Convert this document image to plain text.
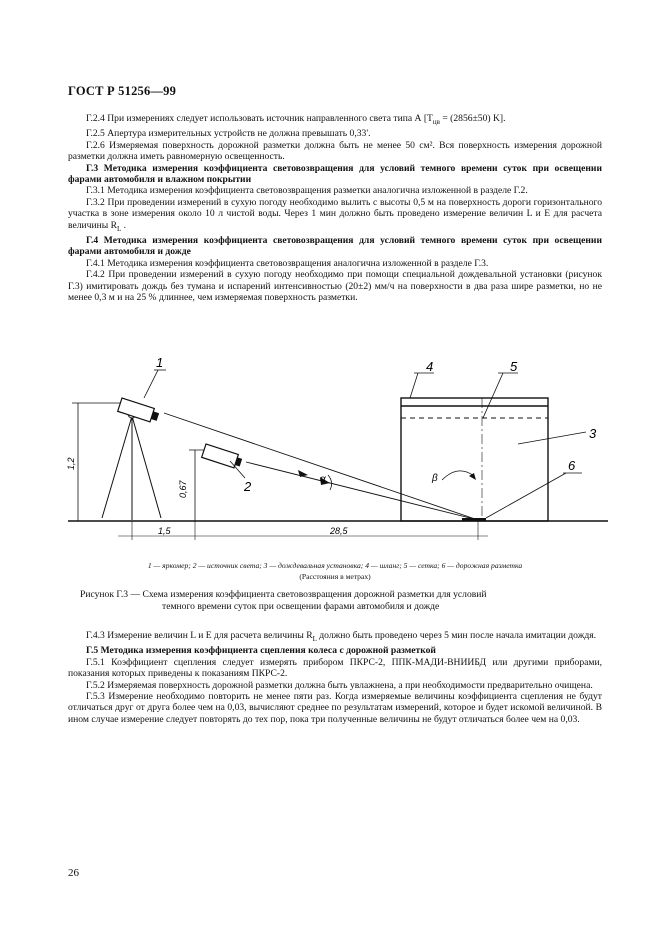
ГОСТ Р 51256—99

Г.2.4 При измерениях следует использовать источник направленного света типа А [$T_{цв} = (2856\pm 50)$ K].

Г.2.5 Апертура измерительных устройств не должна превышать 0,33'.

Г.2.6 Измеряемая поверхность дорожной разметки должна быть не менее 50 см². Вся поверхность измерения дорожной разметки должна иметь равномерную освещенность.

Г.3 Методика измерения коэффициента световозвращения для условий темного времени суток при освещении фарами автомобиля и влажном покрытии

Г.3.1 Методика измерения коэффициента световозвращения разметки аналогична изложенной в разделе Г.2.

Г.3.2 При проведении измерений в сухую погоду необходимо вылить с высоты 0,5 м на поверхность дороги горизонтального участка в зоне измерения около 10 л чистой воды. Через 1 мин должно быть проведено измерение величин L и E для расчета величины $R_L$ .

Г.4 Методика измерения коэффициента световозвращения для условий темного времени суток при освещении фарами автомобиля и дожде

Г.4.1 Методика измерения коэффициента световозвращения аналогична изложенной в разделе Г.3.

Г.4.2 При проведении измерений в сухую погоду необходимо при помощи специальной дождевальной установки (рисунок Г.3) имитировать дождь без тумана и испарений интенсивностью (20±2) мм/ч на поверхности в два раза шире разметки, но не менее 0,3 м и на 25 % длиннее, чем измеряемая поверхность разметки.

1
2
3
4	5
6
α	β
1,2
0,67
1,5	28,5
1 — яркомер; 2 — источник света; 3 — дождевальная установка; 4 — шланг; 5 — сетка; 6 — дорожная разметка
(Расстояния в метрах)
Рисунок Г.3 — Схема измерения коэффициента световозвращения дорожной разметки для условий
темного времени суток при освещении фарами автомобиля и дожде

Г.4.3 Измерение величин L и E для расчета величины $R_L$ должно быть проведено через 5 мин после начала имитации дождя.

Г.5 Методика измерения коэффициента сцепления колеса с дорожной разметкой

Г.5.1 Коэффициент сцепления следует измерять прибором ПКРС-2, ППК-МАДИ-ВНИИБД или другими приборами, показания которых приведены к показаниям ПКРС-2.

Г.5.2 Измеряемая поверхность дорожной разметки должна быть увлажнена, а при необходимости предварительно очищена.

Г.5.3 Измерение необходимо повторить не менее пяти раз. Когда измеряемые величины коэффициента сцепления не будут отличаться друг от друга более чем на 0,03, вычисляют среднее по результатам измерений, которое и будет искомой величиной. В ином случае измерение следует повторять до тех пор, пока три полученные величины не будут отличаться более чем на 0,03.

26
